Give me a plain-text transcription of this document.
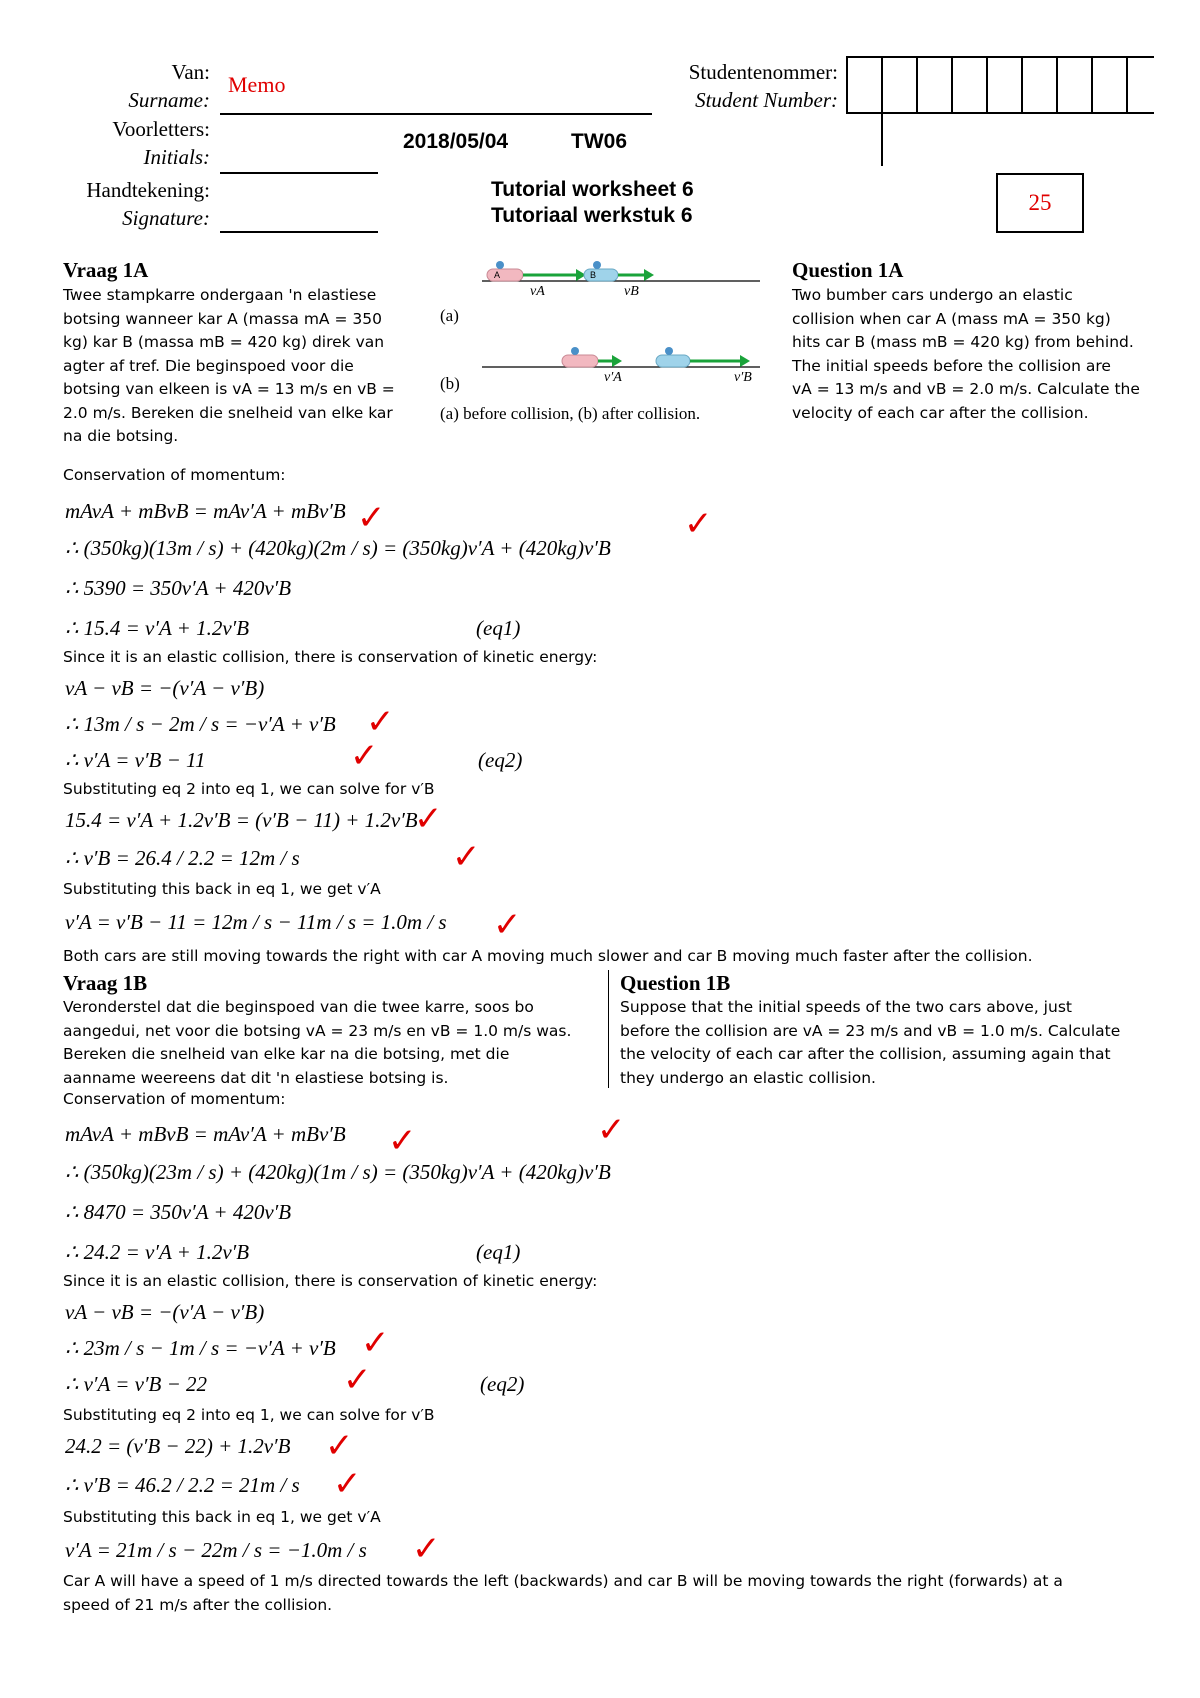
Van:
Surname:
Memo
Voorletters:
Initials:
Handtekening:
Signature:
2018/05/04	TW06
Tutorial worksheet 6
Tutoriaal werkstuk 6
Studentenommer:
Student Number:
25
Vraag 1A
Twee stampkarre ondergaan 'n elastiese
botsing wanneer kar A (massa mA = 350
kg) kar B (massa mB = 420 kg) direk van
agter af tref. Die beginspoed voor die
botsing van elkeen is vA = 13 m/s en vB =
2.0 m/s. Bereken die snelheid van elke kar
na die botsing.
A	B
(a)
(b)
vA	vB
v′A	v′B
(a) before collision, (b) after collision.
Question 1A
Two bumber cars undergo an elastic
collision when car A (mass mA = 350 kg)
hits car B (mass mB = 420 kg) from behind.
The initial speeds before the collision are
vA = 13 m/s and vB = 2.0 m/s. Calculate the
velocity of each car after the collision.
Conservation of momentum:
mAvA + mBvB = mAv′A + mBv′B ✓	✓
∴ (350kg)(13m / s) + (420kg)(2m / s) = (350kg)v′A + (420kg)v′B
∴ 5390 = 350v′A + 420v′B
∴ 15.4 = v′A + 1.2v′B	(eq1)
Since it is an elastic collision, there is conservation of kinetic energy:
vA − vB = −(v′A − v′B)
∴ 13m / s − 2m / s = −v′A + v′B ✓
∴ v′A = v′B − 11	✓	(eq2)
Substituting eq 2 into eq 1, we can solve for v′B
15.4 = v′A + 1.2v′B = (v′B − 11) + 1.2v′B
✓
∴ v′B = 26.4 / 2.2 = 12m / s	✓
Substituting this back in eq 1, we get v′A
v′A = v′B − 11 = 12m / s − 11m / s = 1.0m / s ✓
Both cars are still moving towards the right with car A moving much slower and car B moving much faster after the collision.
Vraag 1B
Veronderstel dat die beginspoed van die twee karre, soos bo
aangedui, net voor die botsing vA = 23 m/s en vB = 1.0 m/s was.
Bereken die snelheid van elke kar na die botsing, met die
aanname weereens dat dit 'n elastiese botsing is.
Question 1B
Suppose that the initial speeds of the two cars above, just
before the collision are vA = 23 m/s and vB = 1.0 m/s. Calculate
the velocity of each car after the collision, assuming again that
they undergo an elastic collision.
Conservation of momentum:
mAvA + mBvB = mAv′A + mBv′B ✓	✓
∴ (350kg)(23m / s) + (420kg)(1m / s) = (350kg)v′A + (420kg)v′B
∴ 8470 = 350v′A + 420v′B
∴ 24.2 = v′A + 1.2v′B	(eq1)
Since it is an elastic collision, there is conservation of kinetic energy:
vA − vB = −(v′A − v′B)
∴ 23m / s − 1m / s = −v′A + v′B ✓
∴ v′A = v′B − 22	✓	(eq2)
Substituting eq 2 into eq 1, we can solve for v′B
24.2 = (v′B − 22) + 1.2v′B ✓
∴ v′B = 46.2 / 2.2 = 21m / s ✓
Substituting this back in eq 1, we get v′A
v′A = 21m / s − 22m / s = −1.0m / s ✓
Car A will have a speed of 1 m/s directed towards the left (backwards) and car B will be moving towards the right (forwards) at a
speed of 21 m/s after the collision.
